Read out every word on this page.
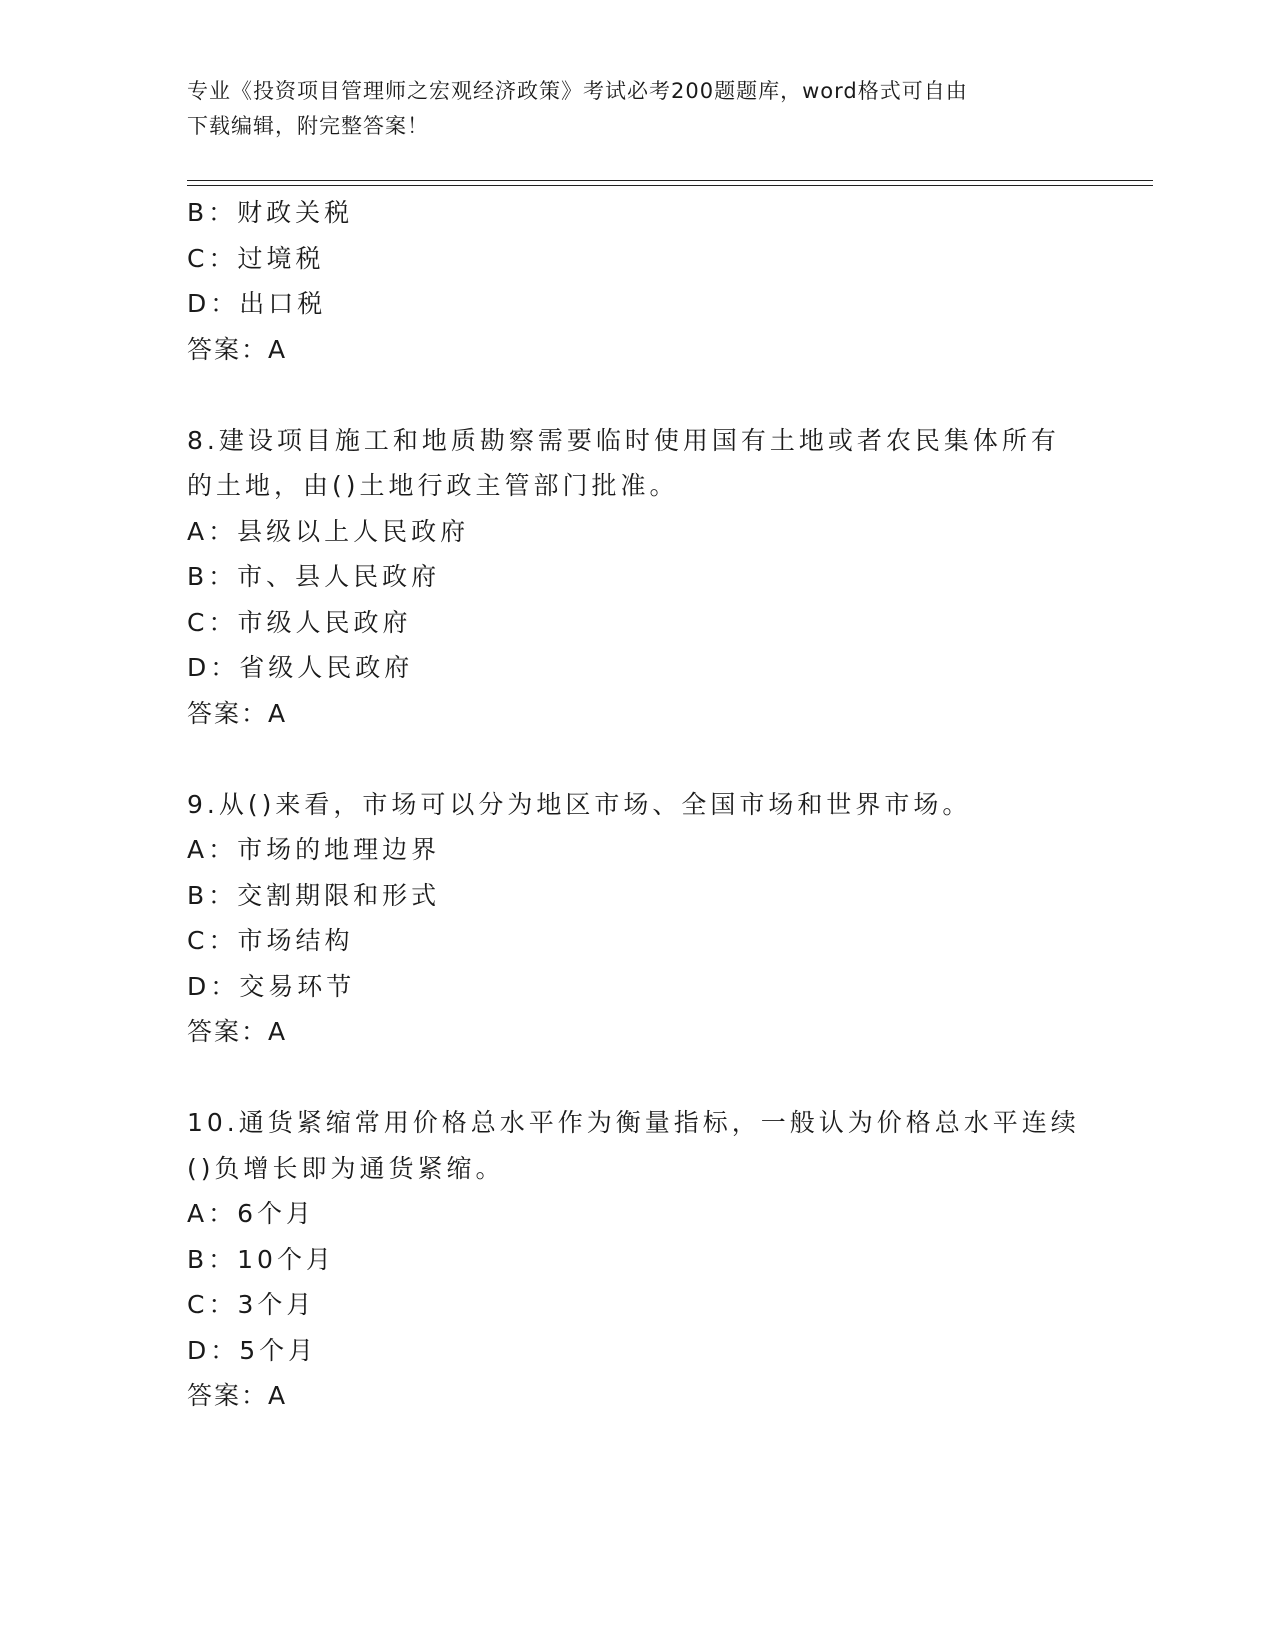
专业《投资项目管理师之宏观经济政策》考试必考200题题库，word格式可自由
下载编辑，附完整答案！
B：财政关税
C：过境税
D：出口税
答案：A
8.建设项目施工和地质勘察需要临时使用国有土地或者农民集体所有
的土地，由()土地行政主管部门批准。
A：县级以上人民政府
B：市、县人民政府
C：市级人民政府
D：省级人民政府
答案：A
9.从()来看，市场可以分为地区市场、全国市场和世界市场。
A：市场的地理边界
B：交割期限和形式
C：市场结构
D：交易环节
答案：A
10.通货紧缩常用价格总水平作为衡量指标，一般认为价格总水平连续
()负增长即为通货紧缩。
A：6个月
B：10个月
C：3个月
D：5个月
答案：A
